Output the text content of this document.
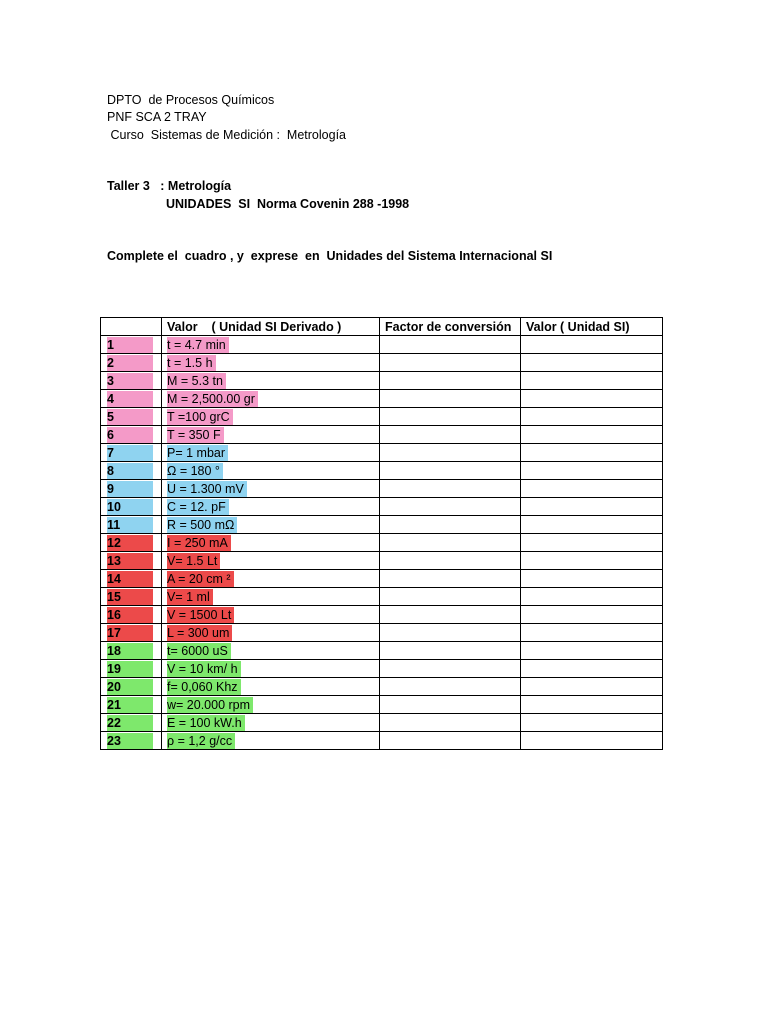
DPTO  de Procesos Químicos
PNF SCA 2 TRAY
Curso  Sistemas de Medición :  Metrología
Taller 3   : Metrología
UNIDADES  SI  Norma Covenin 288 -1998
Complete el  cuadro , y  exprese  en  Unidades del Sistema Internacional SI
	Valor    ( Unidad SI Derivado )	Factor de conversión	Valor ( Unidad SI)
1	t = 4.7 min		
2	t = 1.5 h		
3	M = 5.3 tn		
4	M = 2,500.00 gr		
5	T =100 grC		
6	T = 350 F		
7	P= 1 mbar		
8	Ω = 180 °		
9	U = 1.300 mV		
10	C = 12. pF		
11	R = 500 mΩ		
12	I = 250 mA		
13	V= 1.5 Lt		
14	A = 20 cm ²		
15	V= 1 ml		
16	V = 1500 Lt		
17	L = 300 um		
18	t= 6000 uS		
19	V = 10 km/ h		
20	f= 0,060 Khz		
21	w= 20.000 rpm		
22	E = 100 kW.h		
23	ρ = 1,2 g/cc		
